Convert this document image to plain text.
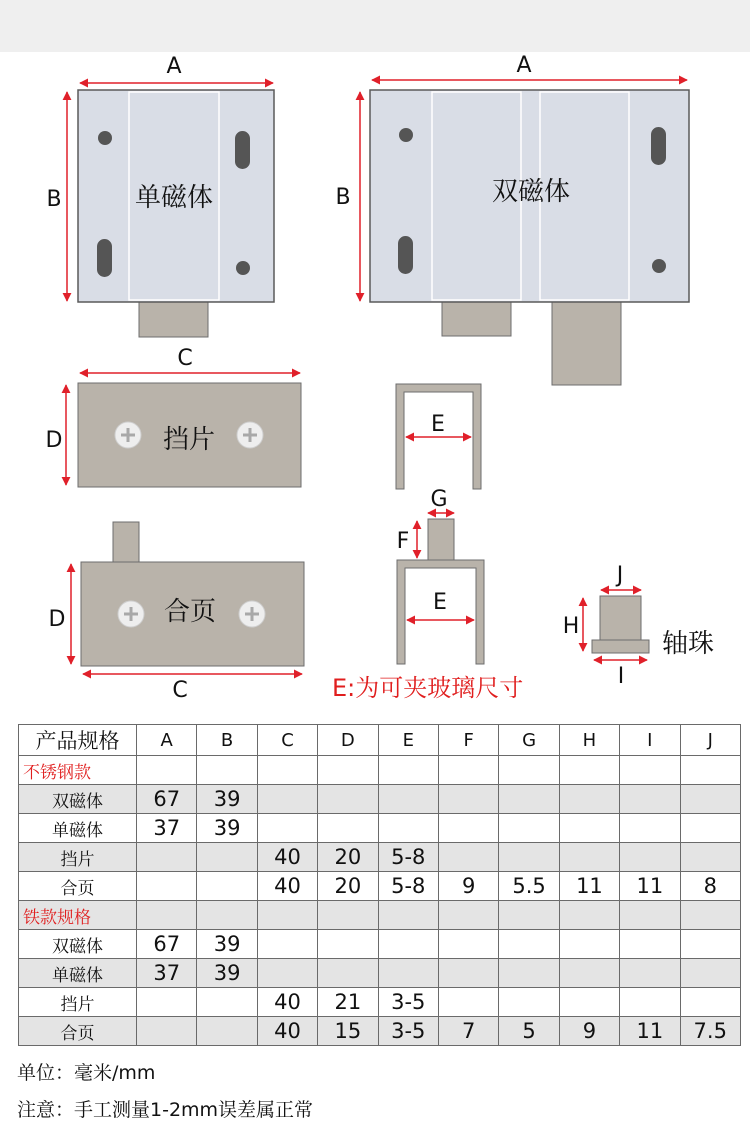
单磁体
A
B	双磁体
A
B
C
D	挡片
D	合页
C
E
G
F
E
J
H
I
轴珠
E:为可夹玻璃尺寸
产品规格	A	B	C	D	E	F	G	H	I	J
不锈钢款										
双磁体	67	39								
单磁体	37	39								
挡片			40	20	5-8					
合页			40	20	5-8	9	5.5	11	11	8
铁款规格										
双磁体	67	39								
单磁体	37	39								
挡片			40	21	3-5					
合页			40	15	3-5	7	5	9	11	7.5
单位：毫米/mm
注意：手工测量1-2mm误差属正常
